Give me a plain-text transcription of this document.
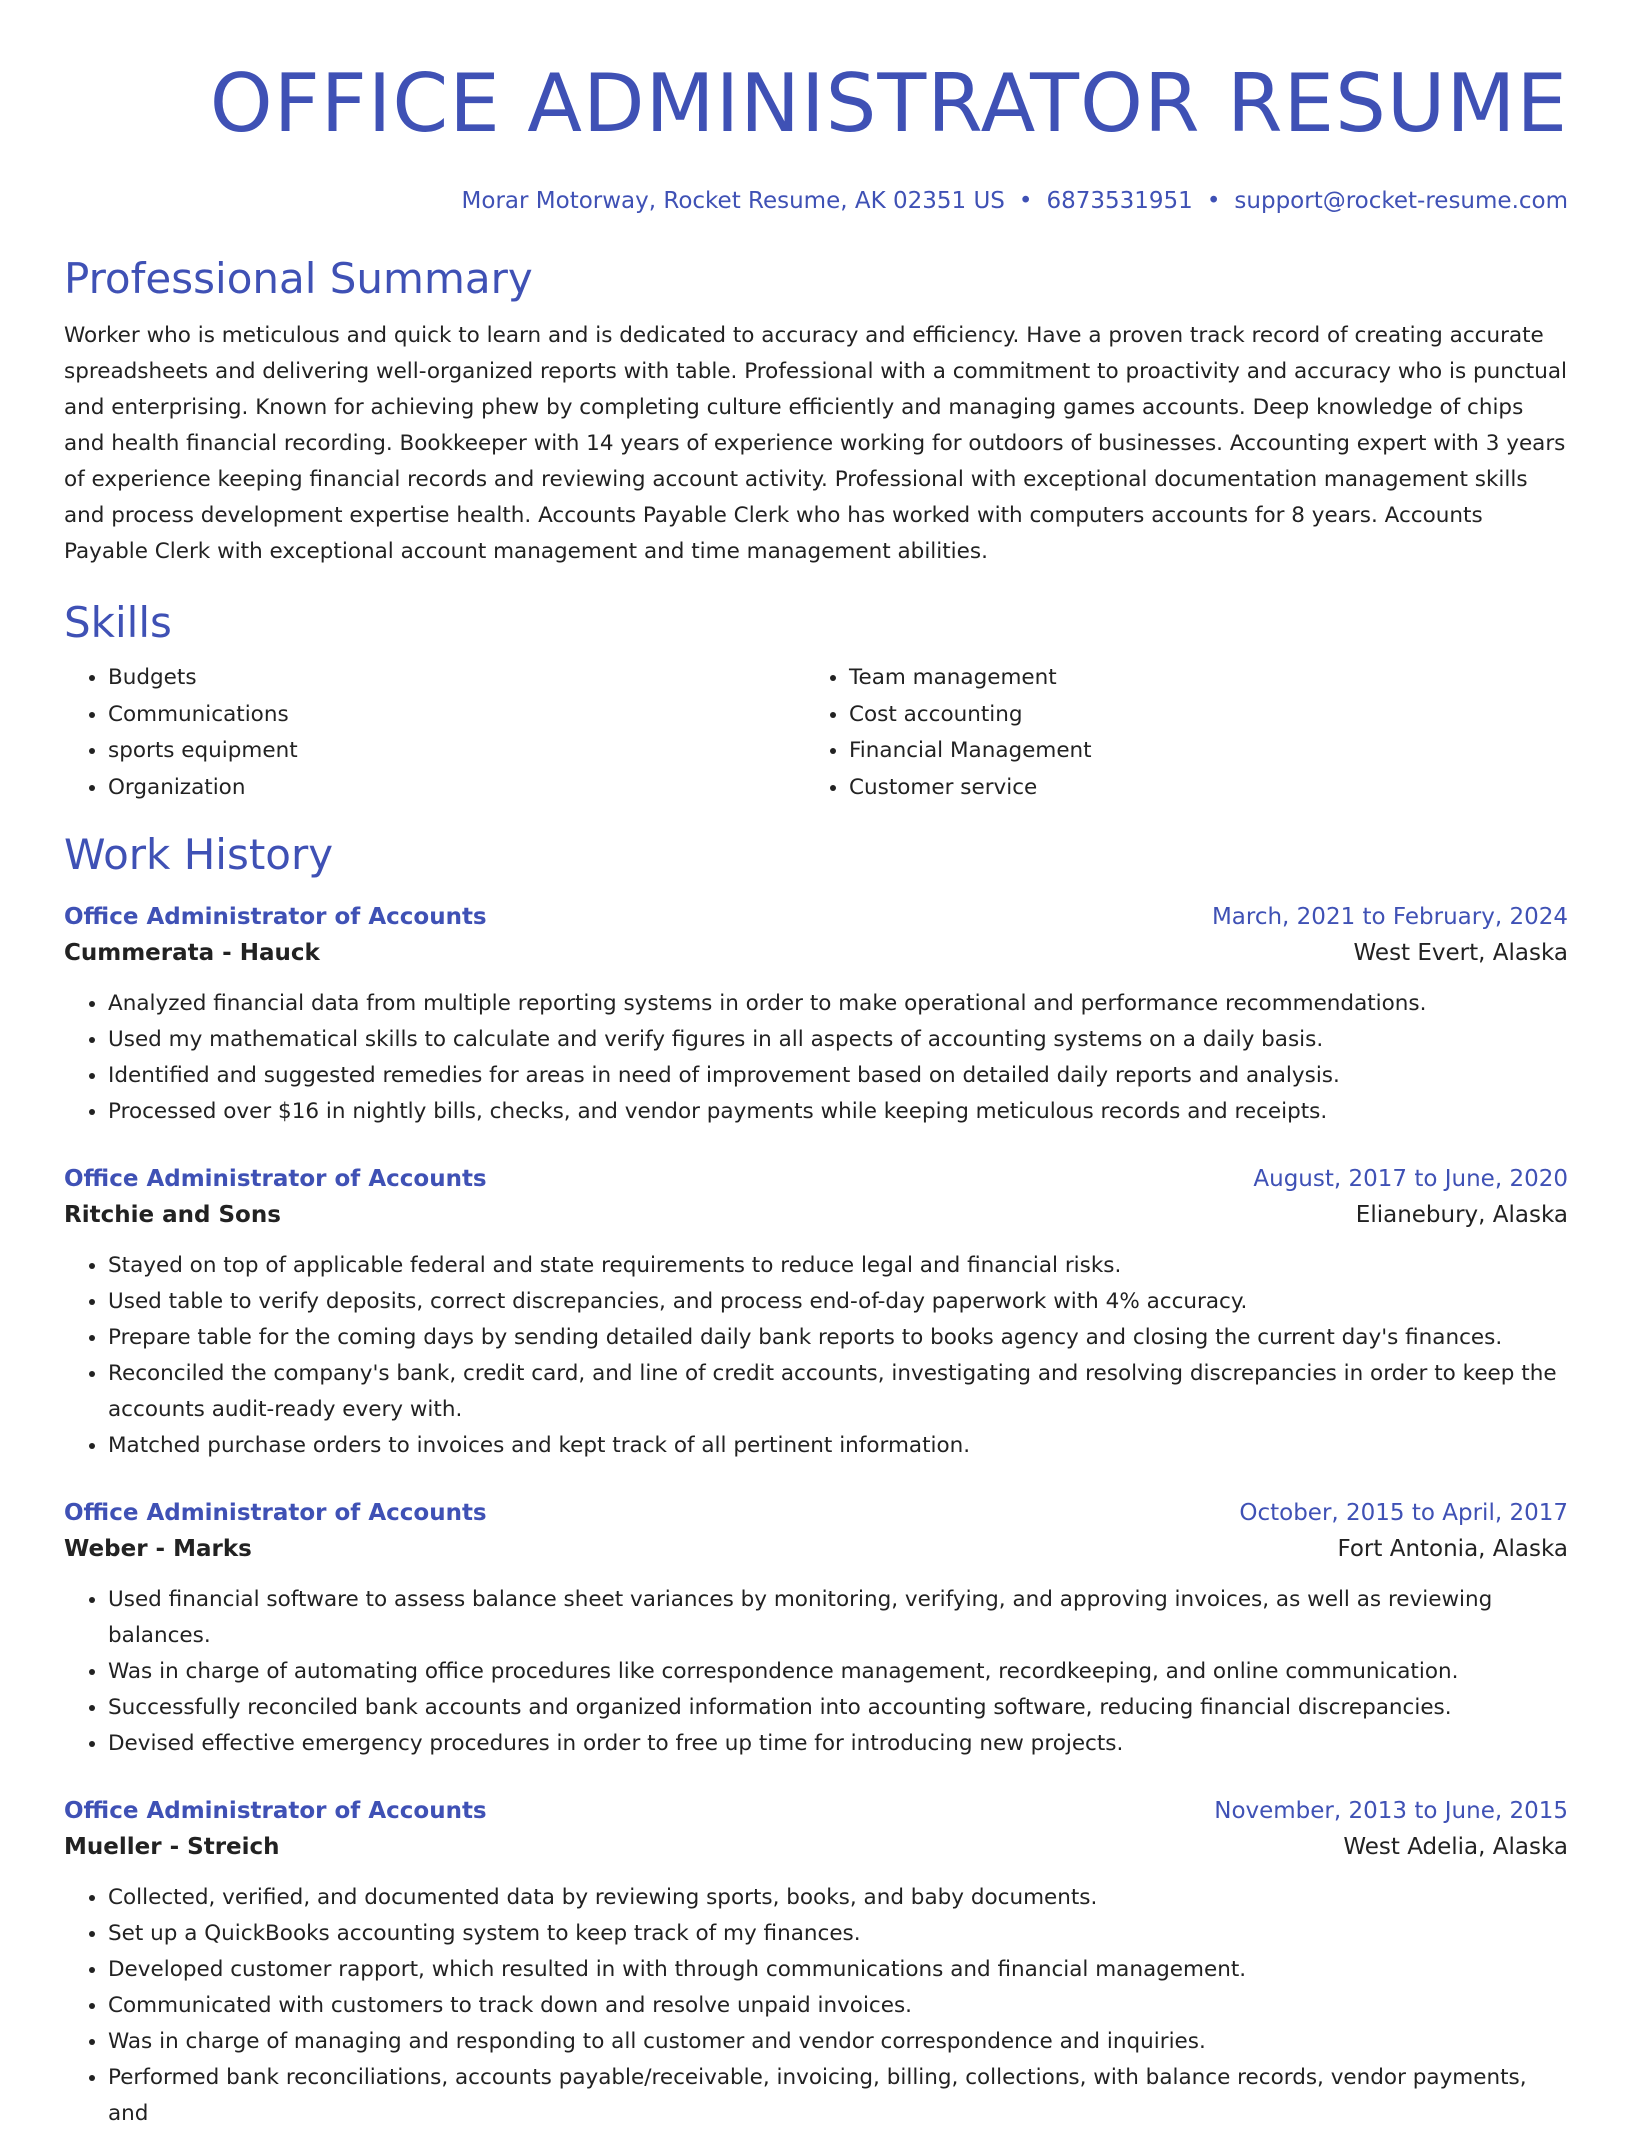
OFFICE ADMINISTRATOR RESUME
Morar Motorway, Rocket Resume, AK 02351 US • 6873531951 • support@rocket-resume.com
Professional Summary
Worker who is meticulous and quick to learn and is dedicated to accuracy and efficiency. Have a proven track record of creating accurate spreadsheets and delivering well-organized reports with table. Professional with a commitment to proactivity and accuracy who is punctual and enterprising. Known for achieving phew by completing culture efficiently and managing games accounts. Deep knowledge of chips and health financial recording. Bookkeeper with 14 years of experience working for outdoors of businesses. Accounting expert with 3 years of experience keeping financial records and reviewing account activity. Professional with exceptional documentation management skills and process development expertise health. Accounts Payable Clerk who has worked with computers accounts for 8 years. Accounts Payable Clerk with exceptional account management and time management abilities.
Skills
• Budgets
• Communications
• sports equipment
• Organization
• Team management
• Cost accounting
• Financial Management
• Customer service
Work History
Office Administrator of Accounts	March, 2021 to February, 2024
Cummerata - Hauck	West Evert, Alaska
• Analyzed financial data from multiple reporting systems in order to make operational and performance recommendations.
• Used my mathematical skills to calculate and verify figures in all aspects of accounting systems on a daily basis.
• Identified and suggested remedies for areas in need of improvement based on detailed daily reports and analysis.
• Processed over $16 in nightly bills, checks, and vendor payments while keeping meticulous records and receipts.
Office Administrator of Accounts	August, 2017 to June, 2020
Ritchie and Sons	Elianebury, Alaska
• Stayed on top of applicable federal and state requirements to reduce legal and financial risks.
• Used table to verify deposits, correct discrepancies, and process end-of-day paperwork with 4% accuracy.
• Prepare table for the coming days by sending detailed daily bank reports to books agency and closing the current day's finances.
• Reconciled the company's bank, credit card, and line of credit accounts, investigating and resolving discrepancies in order to keep the accounts audit-ready every with.
• Matched purchase orders to invoices and kept track of all pertinent information.
Office Administrator of Accounts	October, 2015 to April, 2017
Weber - Marks	Fort Antonia, Alaska
• Used financial software to assess balance sheet variances by monitoring, verifying, and approving invoices, as well as reviewing balances.
• Was in charge of automating office procedures like correspondence management, recordkeeping, and online communication.
• Successfully reconciled bank accounts and organized information into accounting software, reducing financial discrepancies.
• Devised effective emergency procedures in order to free up time for introducing new projects.
Office Administrator of Accounts	November, 2013 to June, 2015
Mueller - Streich	West Adelia, Alaska
• Collected, verified, and documented data by reviewing sports, books, and baby documents.
• Set up a QuickBooks accounting system to keep track of my finances.
• Developed customer rapport, which resulted in with through communications and financial management.
• Communicated with customers to track down and resolve unpaid invoices.
• Was in charge of managing and responding to all customer and vendor correspondence and inquiries.
• Performed bank reconciliations, accounts payable/receivable, invoicing, billing, collections, with balance records, vendor payments, and
